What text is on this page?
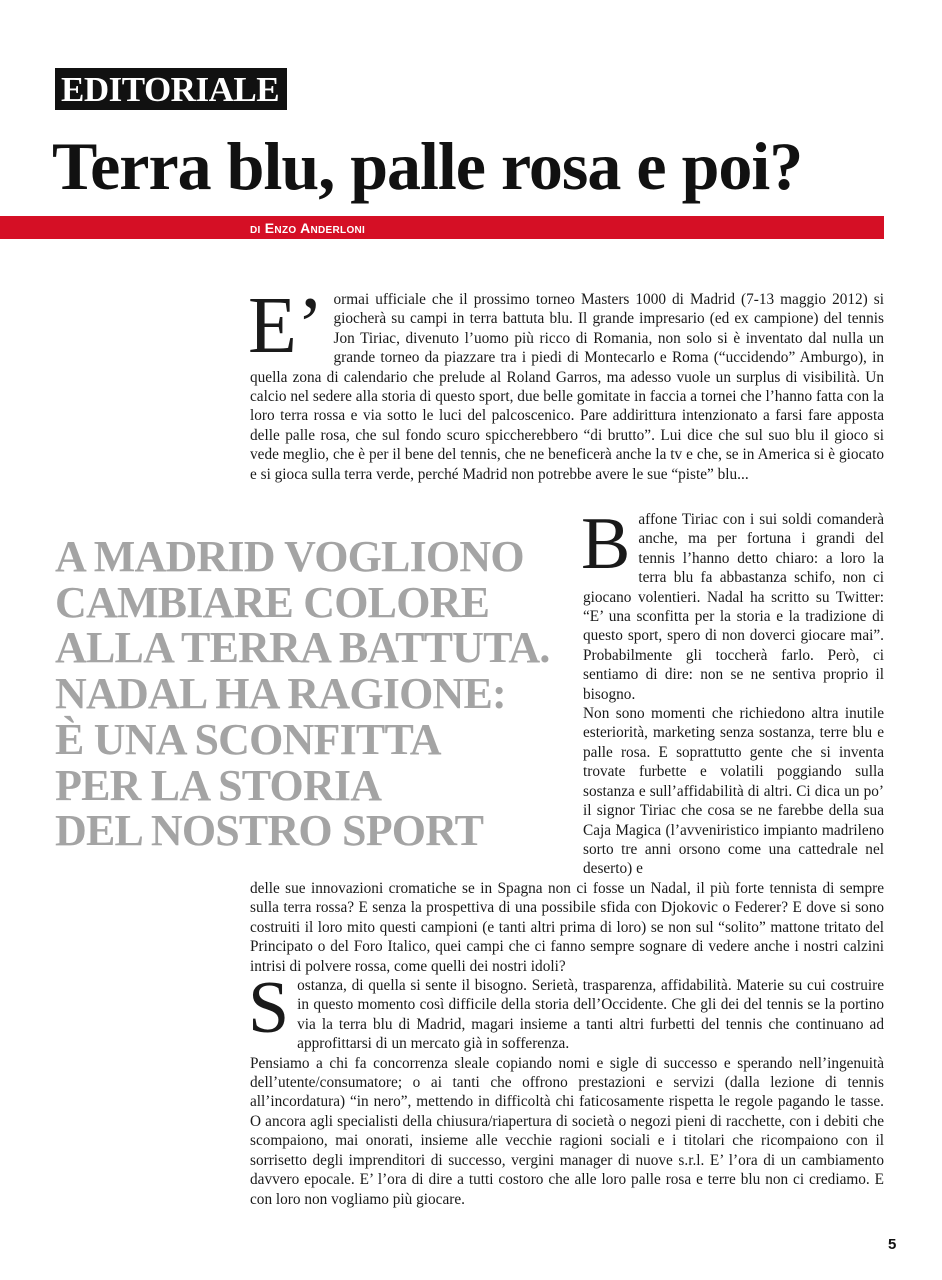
EDITORIALE
Terra blu, palle rosa e poi?
di Enzo Anderloni

E’ ormai ufficiale che il prossimo torneo Masters 1000 di Madrid (7-13 maggio 2012) si giocherà su campi in terra battuta blu. Il grande impresario (ed ex campione) del tennis Jon Tiriac, divenuto l’uomo più ricco di Romania, non solo si è inventato dal nulla un grande torneo da piazzare tra i piedi di Montecarlo e Roma (“uccidendo” Amburgo), in quella zona di calendario che prelude al Roland Garros, ma adesso vuole un surplus di visibilità. Un calcio nel sedere alla storia di questo sport, due belle gomitate in faccia a tornei che l’hanno fatta con la loro terra rossa e via sotto le luci del palcoscenico. Pare addirittura intenzionato a farsi fare apposta delle palle rosa, che sul fondo scuro spiccherebbero “di brutto”. Lui dice che sul suo blu il gioco si vede meglio, che è per il bene del tennis, che ne beneficerà anche la tv e che, se in America si è giocato e si gioca sulla terra verde, perché Madrid non potrebbe avere le sue “piste” blu...

A MADRID VOGLIONO
CAMBIARE COLORE
ALLA TERRA BATTUTA.
NADAL HA RAGIONE:
È UNA SCONFITTA
PER LA STORIA
DEL NOSTRO SPORT

Baffone Tiriac con i sui soldi comanderà anche, ma per fortuna i grandi del tennis l’hanno detto chiaro: a loro la terra blu fa abbastanza schifo, non ci giocano volentieri. Nadal ha scritto su Twitter: “E’ una sconfitta per la storia e la tradizione di questo sport, spero di non doverci giocare mai”. Probabilmente gli toccherà farlo. Però, ci sentiamo di dire: non se ne sentiva proprio il bisogno.

Non sono momenti che richiedono altra inutile esteriorità, marketing senza sostanza, terre blu e palle rosa. E soprattutto gente che si inventa trovate furbette e volatili poggiando sulla sostanza e sull’affidabilità di altri. Ci dica un po’ il signor Tiriac che cosa se ne farebbe della sua Caja Magica (l’avveniristico impianto madrileno sorto tre anni orsono come una cattedrale nel deserto) e

delle sue innovazioni cromatiche se in Spagna non ci fosse un Nadal, il più forte tennista di sempre sulla terra rossa? E senza la prospettiva di una possibile sfida con Djokovic o Federer? E dove si sono costruiti il loro mito questi campioni (e tanti altri prima di loro) se non sul “solito” mattone tritato del Principato o del Foro Italico, quei campi che ci fanno sempre sognare di vedere anche i nostri calzini intrisi di polvere rossa, come quelli dei nostri idoli?

Sostanza, di quella si sente il bisogno. Serietà, trasparenza, affidabilità. Materie su cui costruire in questo momento così difficile della storia dell’Occidente. Che gli dei del tennis se la portino via la terra blu di Madrid, magari insieme a tanti altri furbetti del tennis che continuano ad approfittarsi di un mercato già in sofferenza.

Pensiamo a chi fa concorrenza sleale copiando nomi e sigle di successo e sperando nell’ingenuità dell’utente/consumatore; o ai tanti che offrono prestazioni e servizi (dalla lezione di tennis all’incordatura) “in nero”, mettendo in difficoltà chi faticosamente rispetta le regole pagando le tasse. O ancora agli specialisti della chiusura/riapertura di società o negozi pieni di racchette, con i debiti che scompaiono, mai onorati, insieme alle vecchie ragioni sociali e i titolari che ricompaiono con il sorrisetto degli imprenditori di successo, vergini manager di nuove s.r.l. E’ l’ora di un cambiamento davvero epocale. E’ l’ora di dire a tutti costoro che alle loro palle rosa e terre blu non ci crediamo. E con loro non vogliamo più giocare.

5
